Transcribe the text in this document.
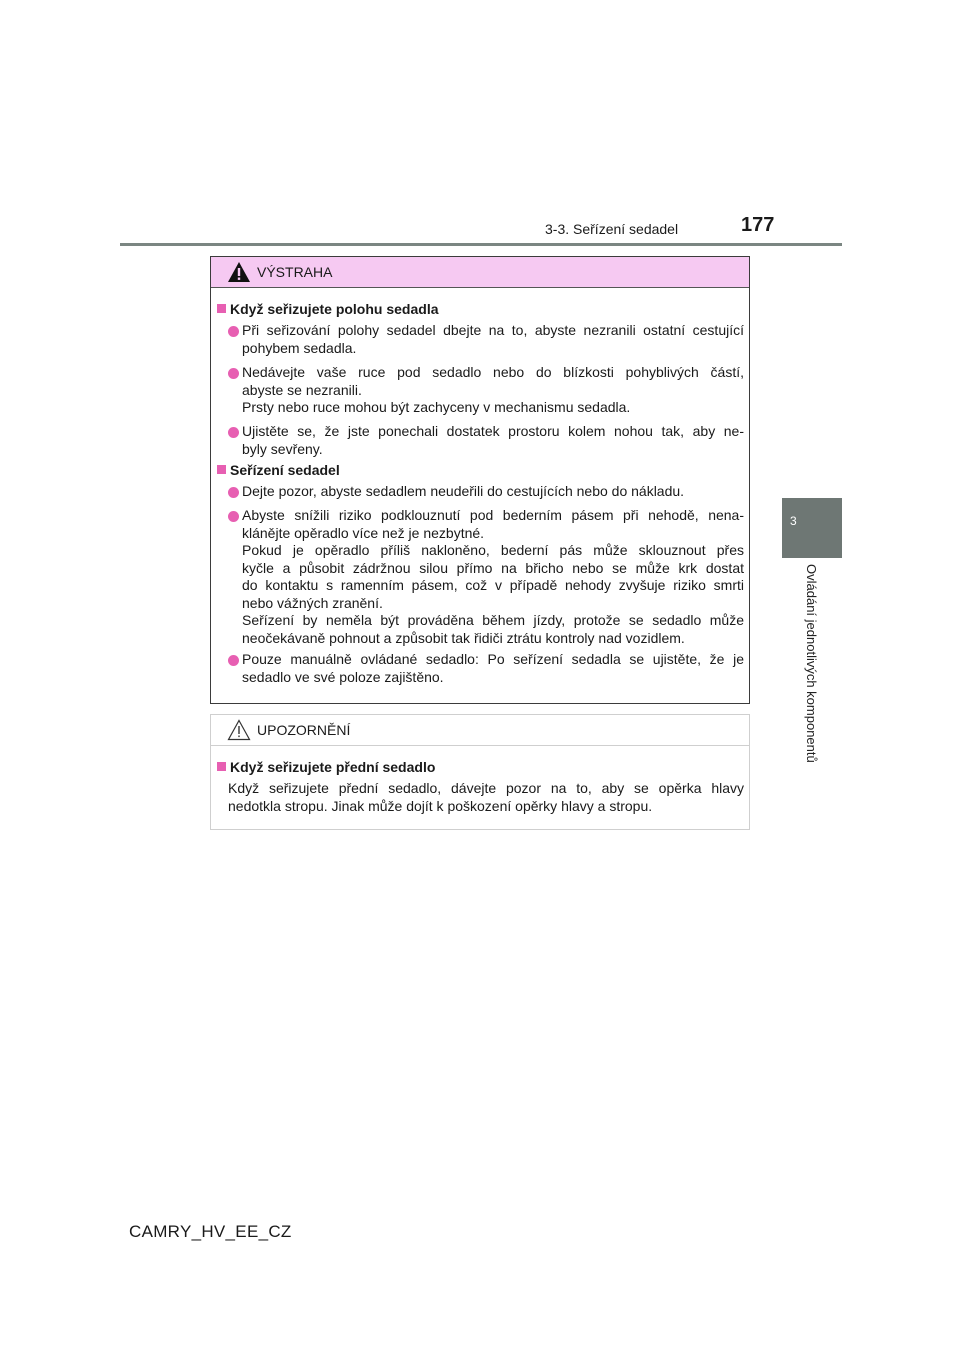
3-3. Seřízení sedadel	177
3
Ovládání jednotlivých komponentů
VÝSTRAHA
Když seřizujete polohu sedadla
Při seřizování polohy sedadel dbejte na to, abyste nezranili ostatní cestující
pohybem sedadla.
Nedávejte vaše ruce pod sedadlo nebo do blízkosti pohyblivých částí,
abyste se nezranili.
Prsty nebo ruce mohou být zachyceny v mechanismu sedadla.
Ujistěte se, že jste ponechali dostatek prostoru kolem nohou tak, aby ne-
byly sevřeny.
Seřízení sedadel
Dejte pozor, abyste sedadlem neudeřili do cestujících nebo do nákladu.
Abyste snížili riziko podklouznutí pod bederním pásem při nehodě, nena-
klánějte opěradlo více než je nezbytné.
Pokud je opěradlo příliš nakloněno, bederní pás může sklouznout přes
kyčle a působit zádržnou silou přímo na břicho nebo se může krk dostat
do kontaktu s ramenním pásem, což v případě nehody zvyšuje riziko smrti
nebo vážných zranění.
Seřízení by neměla být prováděna během jízdy, protože se sedadlo může
neočekávaně pohnout a způsobit tak řidiči ztrátu kontroly nad vozidlem.
Pouze manuálně ovládané sedadlo: Po seřízení sedadla se ujistěte, že je
sedadlo ve své poloze zajištěno.
UPOZORNĚNÍ
Když seřizujete přední sedadlo
Když seřizujete přední sedadlo, dávejte pozor na to, aby se opěrka hlavy
nedotkla stropu. Jinak může dojít k poškození opěrky hlavy a stropu.
CAMRY_HV_EE_CZ
